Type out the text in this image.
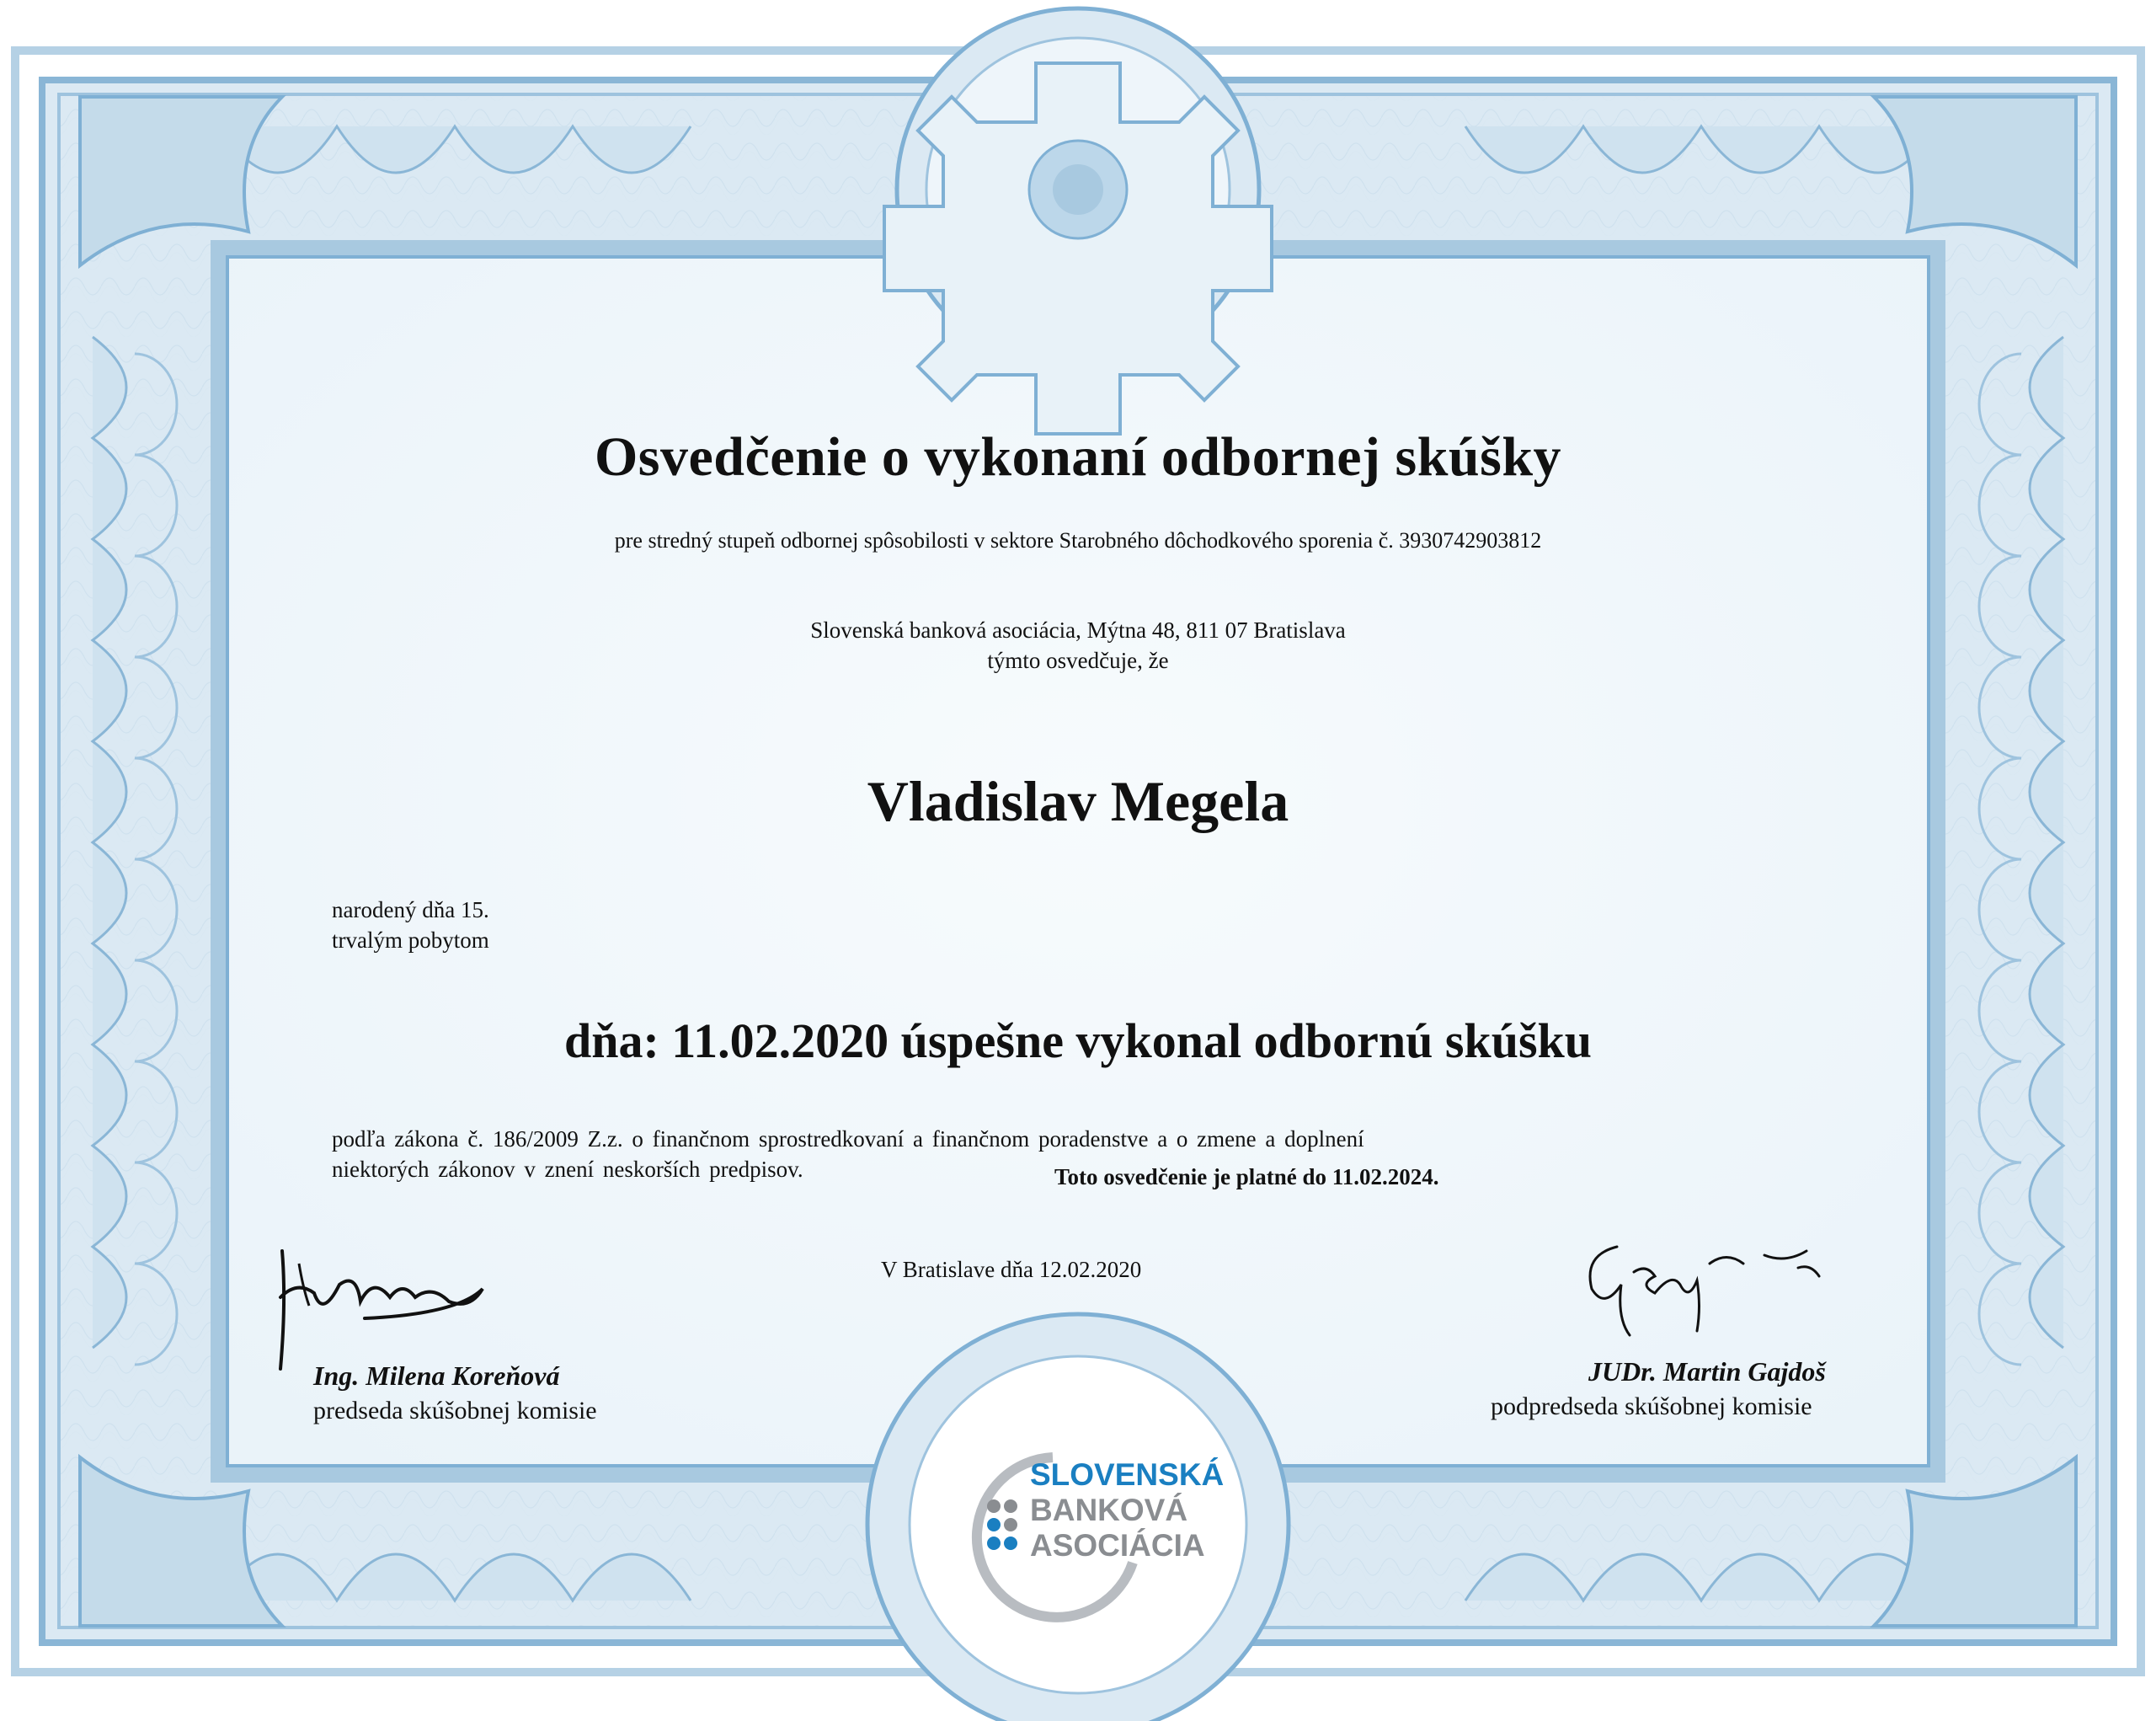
Osvedčenie o vykonaní odbornej skúšky
pre stredný stupeň odbornej spôsobilosti v sektore Starobného dôchodkového sporenia č. 3930742903812
Slovenská banková asociácia, Mýtna 48, 811 07 Bratislava
týmto osvedčuje, že
Vladislav Megela
narodený dňa 15.
trvalým pobytom
dňa: 11.02.2020 úspešne vykonal odbornú skúšku
podľa zákona č. 186/2009 Z.z. o finančnom sprostredkovaní a finančnom poradenstve a o zmene a doplnení
niektorých zákonov v znení neskorších predpisov.	Toto osvedčenie je platné do 11.02.2024.
V Bratislave dňa 12.02.2020
Ing. Milena Koreňová
predseda skúšobnej komisie
JUDr. Martin Gajdoš
podpredseda skúšobnej komisie
SLOVENSKÁ
BANKOVÁ
ASOCIÁCIA
